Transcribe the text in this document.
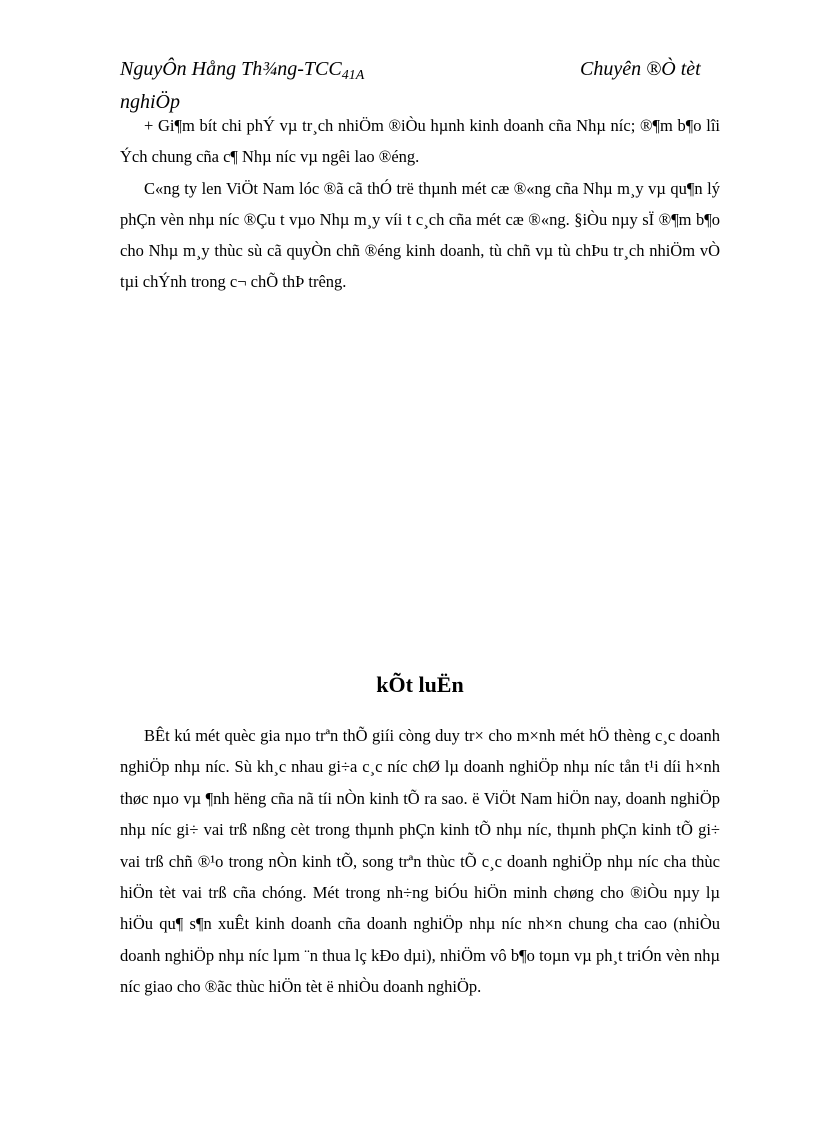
NguyÔn Hång Th¾ng-$TCC_{41A}$
nghiÖp
Chuyên ®Ò tèt

+ Gi¶m bít chi phÝ vµ tr¸ch nhiÖm ®iÒu hµnh kinh doanh cña Nhµ níc; ®¶m b¶o lîi Ých chung cña c¶ Nhµ níc vµ ngêi lao ®éng.

C«ng ty len ViÖt Nam lóc ®ã cã thÓ trë thµnh mét cæ ®«ng cña Nhµ m¸y vµ qu¶n lý phÇn vèn nhµ níc ®Çu t vµo Nhµ m¸y víi t c¸ch cña mét cæ ®«ng. §iÒu nµy sÏ ®¶m b¶o cho Nhµ m¸y thùc sù cã quyÒn chñ ®éng kinh doanh, tù chñ vµ tù chÞu tr¸ch nhiÖm vÒ tµi chÝnh trong c¬ chÕ thÞ trêng.

kÕt luËn

BÊt kú mét quèc gia nµo trªn thÕ giíi còng duy tr× cho m×nh mét hÖ thèng c¸c doanh nghiÖp nhµ níc. Sù kh¸c nhau gi÷a c¸c níc chØ lµ doanh nghiÖp nhµ níc tån t¹i díi h×nh thøc nµo vµ ¶nh hëng cña nã tíi nÒn kinh tÕ ra sao. ë ViÖt Nam hiÖn nay, doanh nghiÖp nhµ níc gi÷ vai trß nßng cèt trong thµnh phÇn kinh tÕ nhµ níc, thµnh phÇn kinh tÕ gi÷ vai trß chñ ®¹o trong nÒn kinh tÕ, song trªn thùc tÕ c¸c doanh nghiÖp nhµ níc cha thùc hiÖn tèt vai trß cña chóng. Mét trong nh÷ng biÓu hiÖn minh chøng cho ®iÒu nµy lµ hiÖu qu¶ s¶n xuÊt kinh doanh cña doanh nghiÖp nhµ níc nh×n chung cha cao (nhiÒu doanh nghiÖp nhµ níc lµm ¨n thua lç kÐo dµi), nhiÖm vô b¶o toµn vµ ph¸t triÓn vèn nhµ níc giao cho ®ãc thùc hiÖn tèt ë nhiÒu doanh nghiÖp.
